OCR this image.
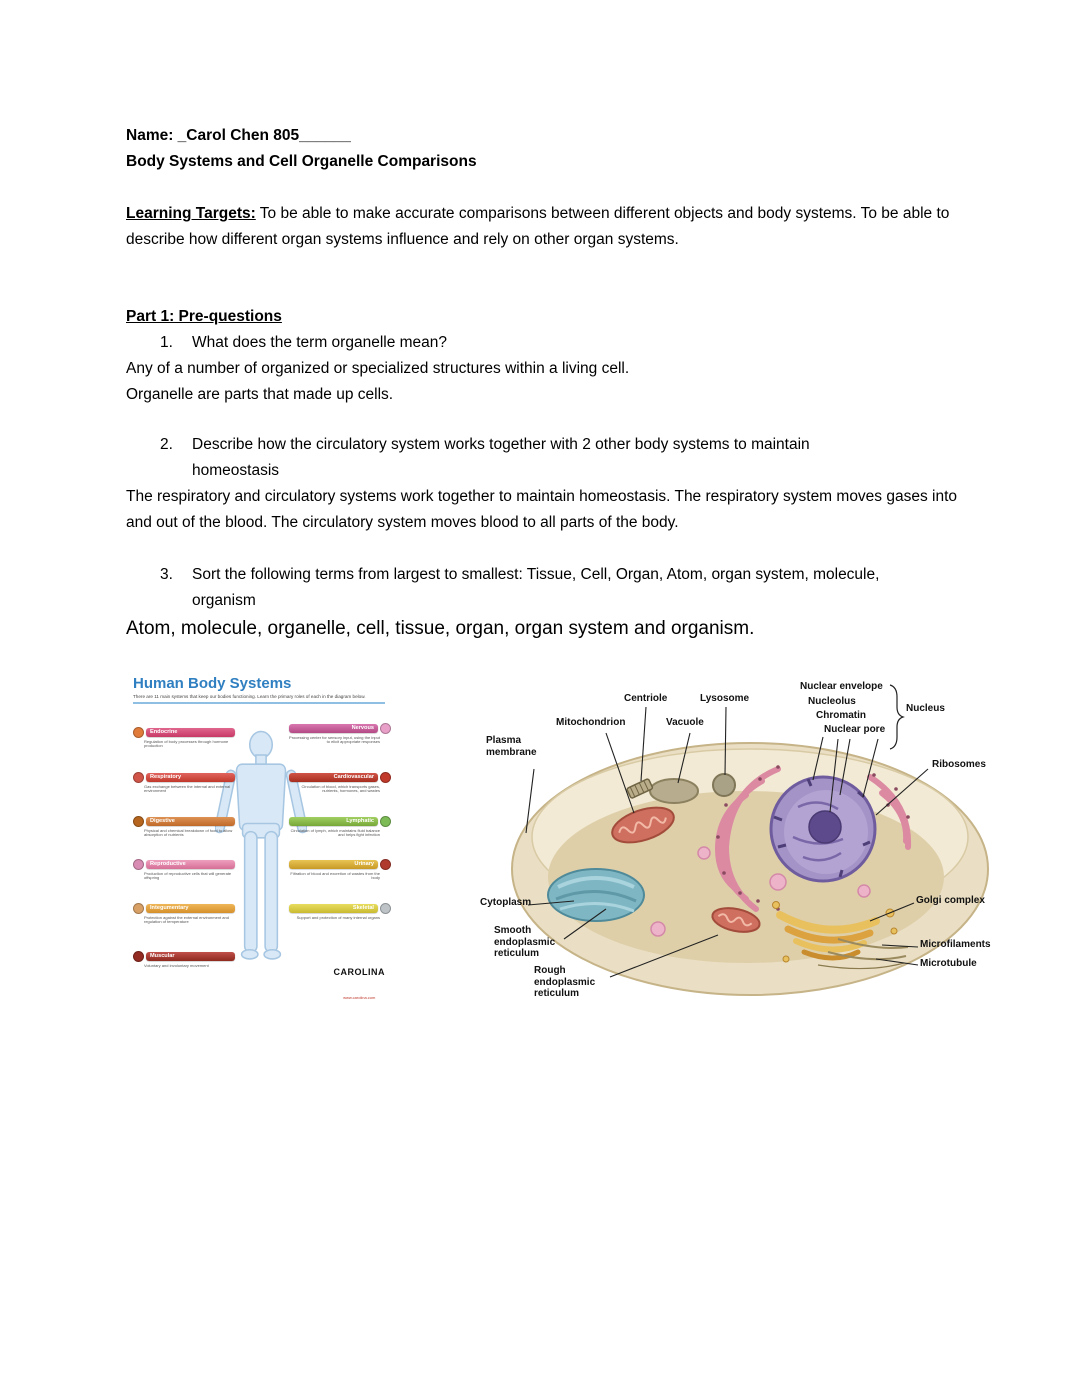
Name: _Carol Chen 805______
Body Systems and Cell Organelle Comparisons
Learning Targets: To be able to make accurate comparisons between different objects and body systems. To be able to describe how different organ systems influence and rely on other organ systems.
Part 1: Pre-questions
1.	What does the term organelle mean?
Any of a number of organized or specialized structures within a living cell.
Organelle are parts that made up cells.
2.	Describe how the circulatory system works together with 2 other body systems to maintain homeostasis
The respiratory and circulatory systems work together to maintain homeostasis. The respiratory system moves gases into and out of the blood. The circulatory system moves blood to all parts of the body.
3.	Sort the following terms from largest to smallest: Tissue, Cell, Organ, Atom, organ system, molecule, organism
Atom, molecule, organelle, cell, tissue, organ, organ system and organism.
Human Body Systems
There are 11 main systems that keep our bodies functioning. Learn the primary roles of each in the diagram below.
Endocrine
Regulation of body processes through hormone production
Respiratory
Gas exchange between the internal and external environment
Digestive
Physical and chemical breakdown of food to allow absorption of nutrients
Reproductive
Production of reproductive cells that will generate offspring
Integumentary
Protection against the external environment and regulation of temperature
Muscular
Voluntary and involuntary movement
Nervous
Processing center for sensory input, using the input to elicit appropriate responses
Cardiovascular
Circulation of blood, which transports gases, nutrients, hormones, and wastes
Lymphatic
Circulation of lymph, which maintains fluid balance and helps fight infection
Urinary
Filtration of blood and excretion of wastes from the body
Skeletal
Support and protection of many internal organs
CAROLINA
www.carolina.com
Plasma membrane
Mitochondrion
Centriole	Lysosome
Vacuole
Nuclear envelope
Nucleolus
Chromatin
Nuclear pore
Nucleus
Ribosomes
Cytoplasm
Smooth endoplasmic reticulum
Rough endoplasmic reticulum
Golgi complex
Microfilaments
Microtubule
